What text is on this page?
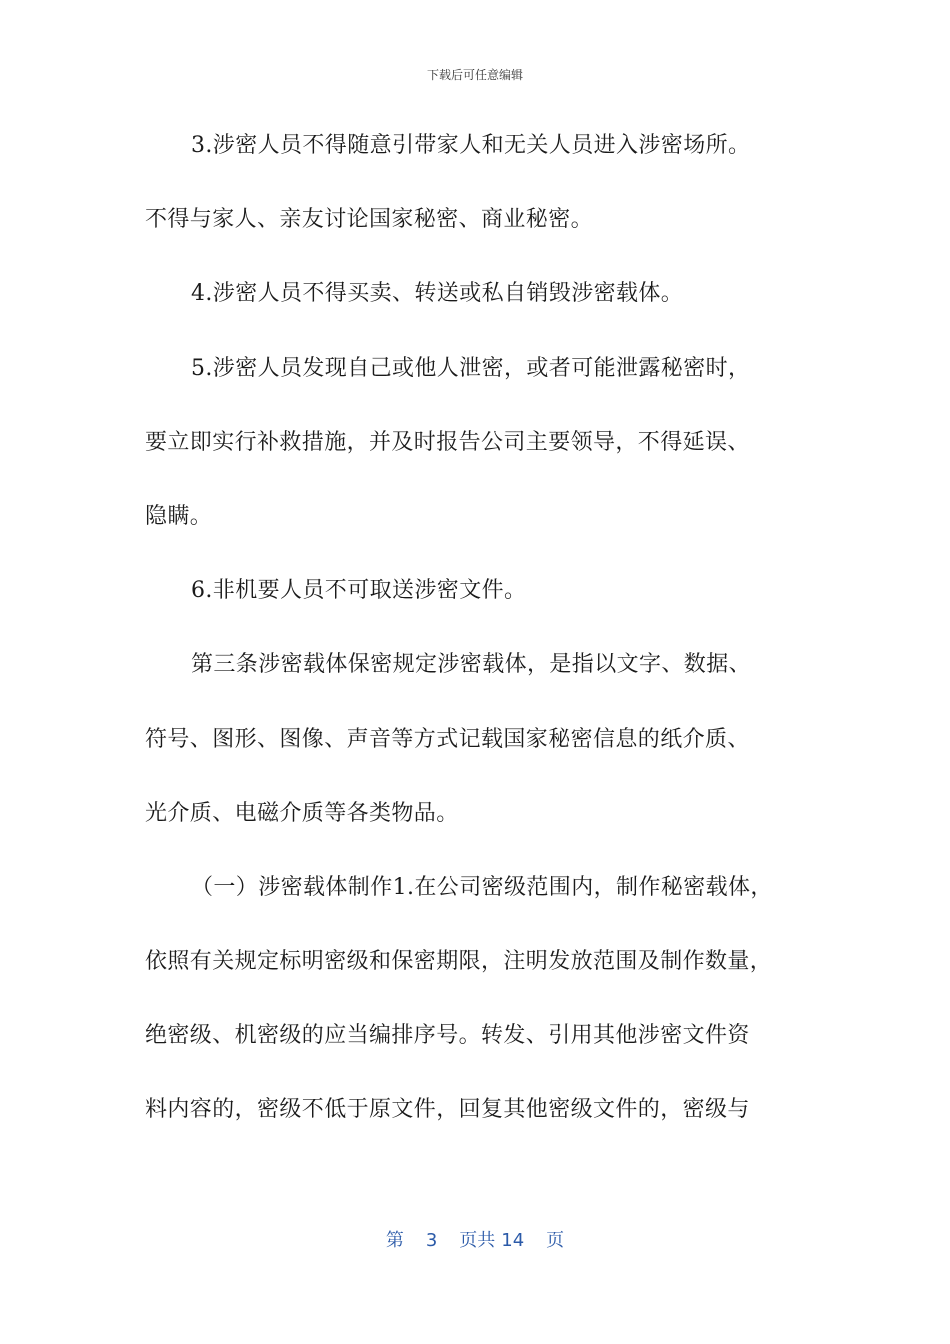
下载后可任意编辑
3.涉密人员不得随意引带家人和无关人员进入涉密场所。
不得与家人、亲友讨论国家秘密、商业秘密。
4.涉密人员不得买卖、转送或私自销毁涉密载体。
5.涉密人员发现自己或他人泄密，或者可能泄露秘密时，
要立即实行补救措施，并及时报告公司主要领导，不得延误、
隐瞒。
6.非机要人员不可取送涉密文件。
第三条涉密载体保密规定涉密载体，是指以文字、数据、
符号、图形、图像、声音等方式记载国家秘密信息的纸介质、
光介质、电磁介质等各类物品。
（一）涉密载体制作1.在公司密级范围内，制作秘密载体，
依照有关规定标明密级和保密期限，注明发放范围及制作数量，
绝密级、机密级的应当编排序号。转发、引用其他涉密文件资
料内容的，密级不低于原文件，回复其他密级文件的，密级与
第 3 页共 14 页
